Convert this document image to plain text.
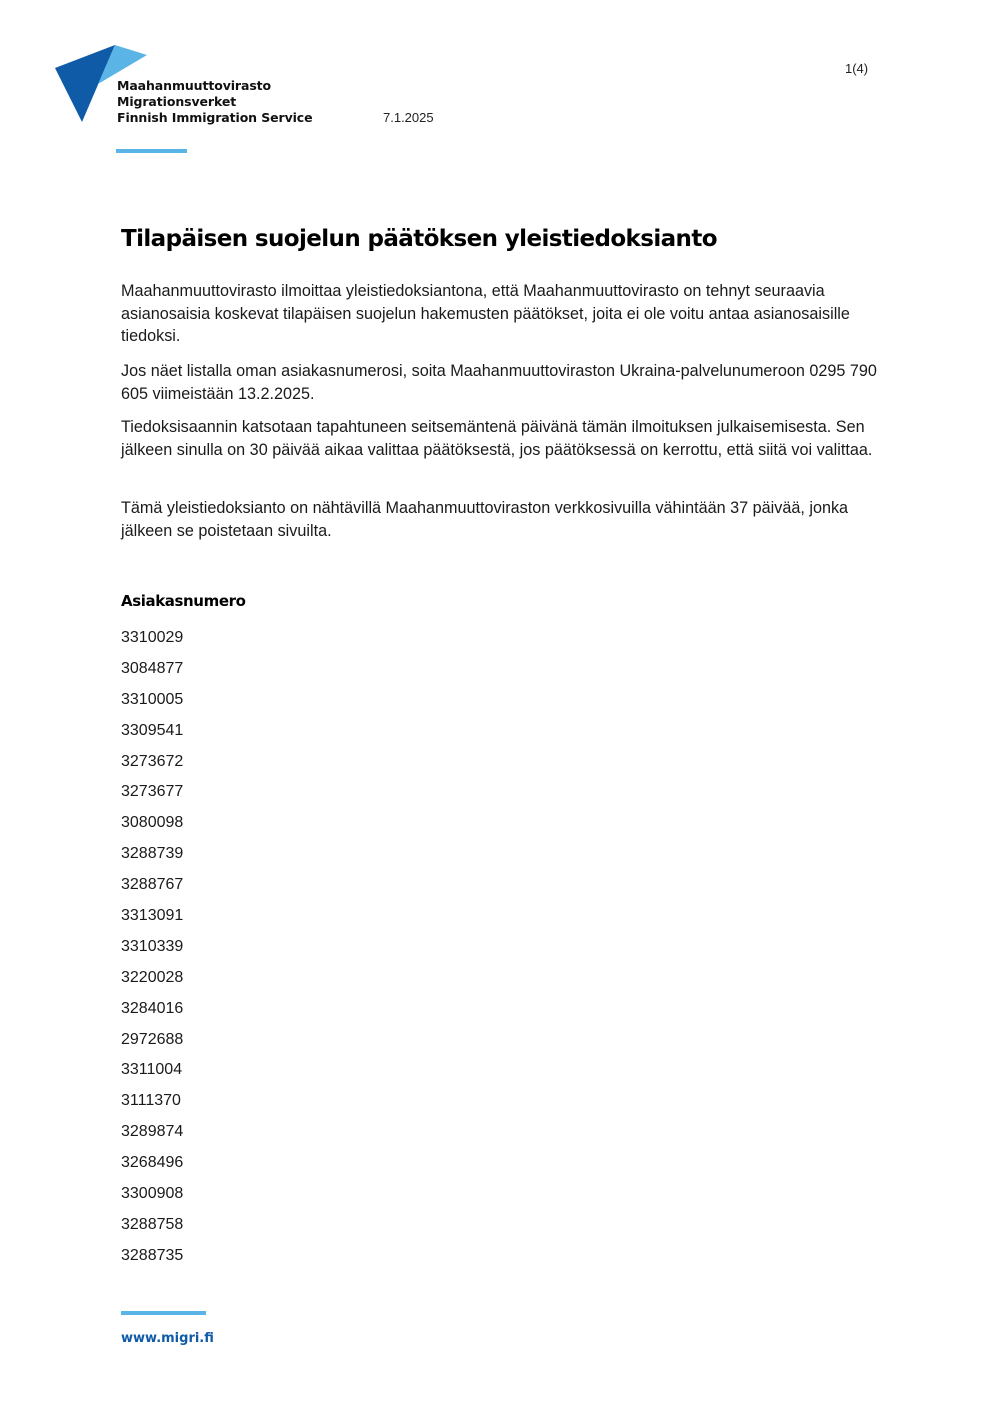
Maahanmuuttovirasto
Migrationsverket
Finnish Immigration Service	7.1.2025
1(4)
Tilapäisen suojelun päätöksen yleistiedoksianto

Maahanmuuttovirasto ilmoittaa yleistiedoksiantona, että Maahanmuuttovirasto on tehnyt seuraavia asianosaisia koskevat tilapäisen suojelun hakemusten päätökset, joita ei ole voitu antaa asianosaisille tiedoksi.

Jos näet listalla oman asiakasnumerosi, soita Maahanmuuttoviraston Ukraina-palvelunumeroon 0295 790 605 viimeistään 13.2.2025.

Tiedoksisaannin katsotaan tapahtuneen seitsemäntenä päivänä tämän ilmoituksen julkaisemisesta. Sen jälkeen sinulla on 30 päivää aikaa valittaa päätöksestä, jos päätöksessä on kerrottu, että siitä voi valittaa.

Tämä yleistiedoksianto on nähtävillä Maahanmuuttoviraston verkkosivuilla vähintään 37 päivää, jonka jälkeen se poistetaan sivuilta.

Asiakasnumero
3310029
3084877
3310005
3309541
3273672
3273677
3080098
3288739
3288767
3313091
3310339
3220028
3284016
2972688
3311004
3111370
3289874
3268496
3300908
3288758
3288735
www.migri.fi
